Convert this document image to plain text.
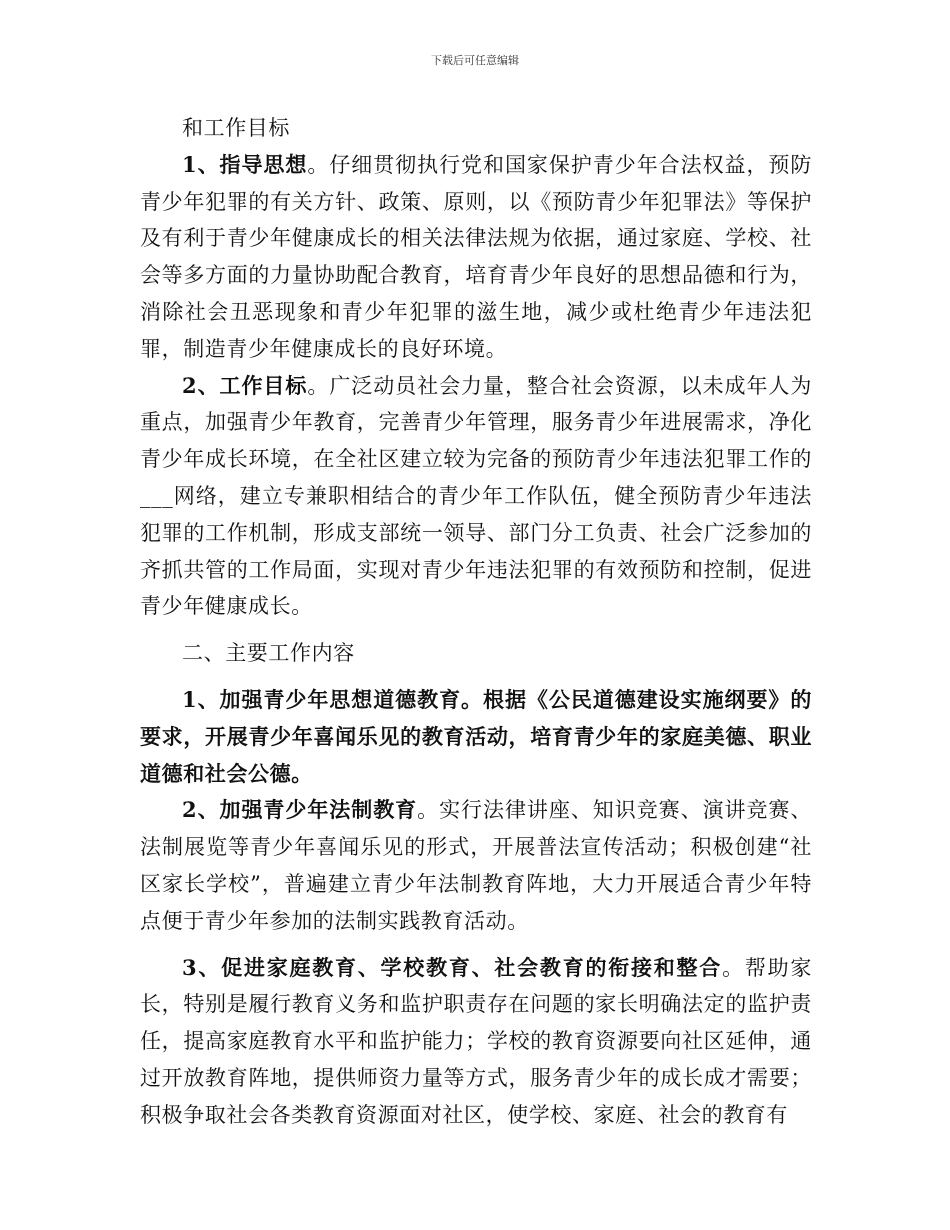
下载后可任意编辑

和工作目标

1、指导思想。仔细贯彻执行党和国家保护青少年合法权益，预防青少年犯罪的有关方针、政策、原则，以《预防青少年犯罪法》等保护及有利于青少年健康成长的相关法律法规为依据，通过家庭、学校、社会等多方面的力量协助配合教育，培育青少年良好的思想品德和行为，消除社会丑恶现象和青少年犯罪的滋生地，减少或杜绝青少年违法犯罪，制造青少年健康成长的良好环境。

2、工作目标。广泛动员社会力量，整合社会资源，以未成年人为重点，加强青少年教育，完善青少年管理，服务青少年进展需求，净化青少年成长环境，在全社区建立较为完备的预防青少年违法犯罪工作的___网络，建立专兼职相结合的青少年工作队伍，健全预防青少年违法犯罪的工作机制，形成支部统一领导、部门分工负责、社会广泛参加的齐抓共管的工作局面，实现对青少年违法犯罪的有效预防和控制，促进青少年健康成长。

二、主要工作内容

1、加强青少年思想道德教育。根据《公民道德建设实施纲要》的要求，开展青少年喜闻乐见的教育活动，培育青少年的家庭美德、职业道德和社会公德。

2、加强青少年法制教育。实行法律讲座、知识竞赛、演讲竞赛、法制展览等青少年喜闻乐见的形式，开展普法宣传活动；积极创建“社区家长学校”，普遍建立青少年法制教育阵地，大力开展适合青少年特点便于青少年参加的法制实践教育活动。

3、促进家庭教育、学校教育、社会教育的衔接和整合。帮助家长，特别是履行教育义务和监护职责存在问题的家长明确法定的监护责任，提高家庭教育水平和监护能力；学校的教育资源要向社区延伸，通过开放教育阵地，提供师资力量等方式，服务青少年的成长成才需要；积极争取社会各类教育资源面对社区，使学校、家庭、社会的教育有
